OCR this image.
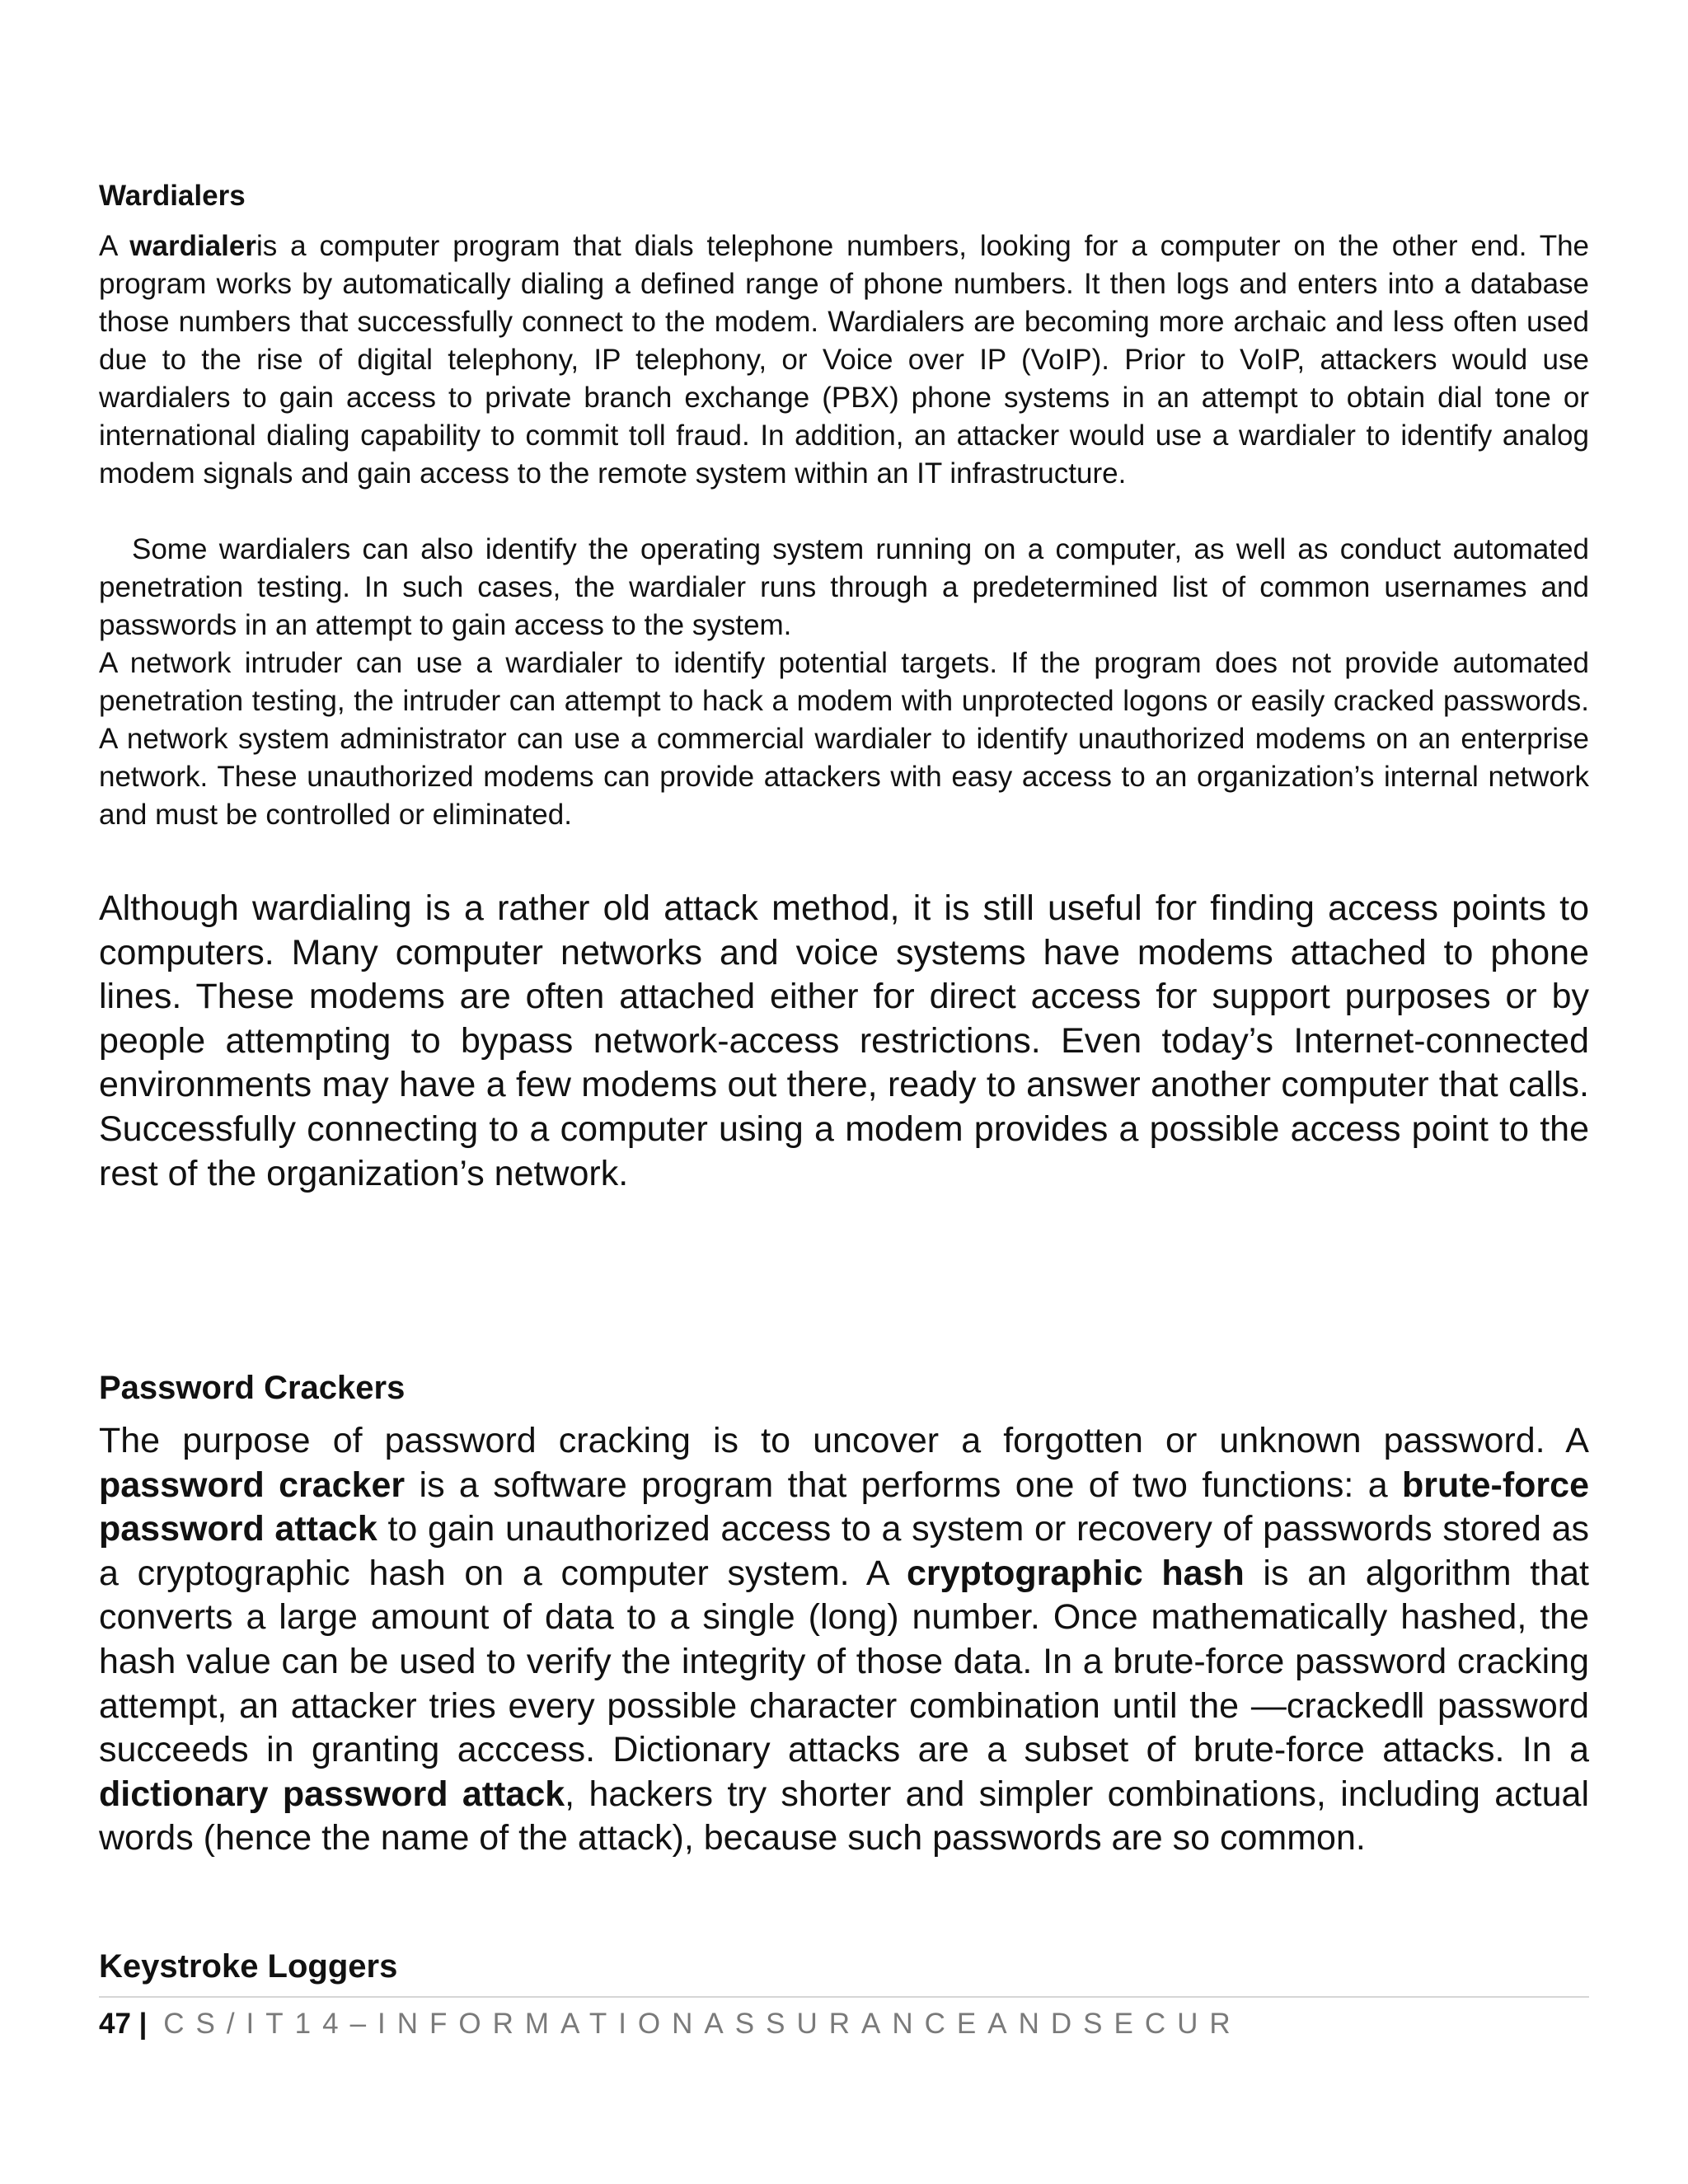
Wardialers

A wardialeris a computer program that dials telephone numbers, looking for a computer on the other end. The program works by automatically dialing a defined range of phone numbers. It then logs and enters into a database those numbers that successfully connect to the modem. Wardialers are becoming more archaic and less often used due to the rise of digital telephony, IP telephony, or Voice over IP (VoIP). Prior to VoIP, attackers would use wardialers to gain access to private branch exchange (PBX) phone systems in an attempt to obtain dial tone or international dialing capability to commit toll fraud. In addition, an attacker would use a wardialer to identify analog modem signals and gain access to the remote system within an IT infrastructure.

Some wardialers can also identify the operating system running on a computer, as well as conduct automated penetration testing. In such cases, the wardialer runs through a predetermined list of common usernames and passwords in an attempt to gain access to the system.

A network intruder can use a wardialer to identify potential targets. If the program does not provide automated penetration testing, the intruder can attempt to hack a modem with unprotected logons or easily cracked passwords. A network system administrator can use a commercial wardialer to identify unauthorized modems on an enterprise network. These unauthorized modems can provide attackers with easy access to an organization’s internal network and must be controlled or eliminated.

Although wardialing is a rather old attack method, it is still useful for finding access points to computers. Many computer networks and voice systems have modems attached to phone lines. These modems are often attached either for direct access for support purposes or by people attempting to bypass network-access restrictions. Even today’s Internet-connected environments may have a few modems out there, ready to answer another computer that calls. Successfully connecting to a computer using a modem provides a possible access point to the rest of the organization’s network.

Password Crackers

The purpose of password cracking is to uncover a forgotten or unknown password. A password cracker is a software program that performs one of two functions: a brute-force password attack to gain unauthorized access to a system or recovery of passwords stored as a cryptographic hash on a computer system. A cryptographic hash is an algorithm that converts a large amount of data to a single (long) number. Once mathematically hashed, the hash value can be used to verify the integrity of those data. In a brute-force password cracking attempt, an attacker tries every possible character combination until the ―cracked‖ password succeeds in granting acccess. Dictionary attacks are a subset of brute-force attacks. In a dictionary password attack, hackers try shorter and simpler combinations, including actual words (hence the name of the attack), because such passwords are so common.

Keystroke Loggers
47 | CS/IT14–INFORMATIONASSURANCEANDSECUR
